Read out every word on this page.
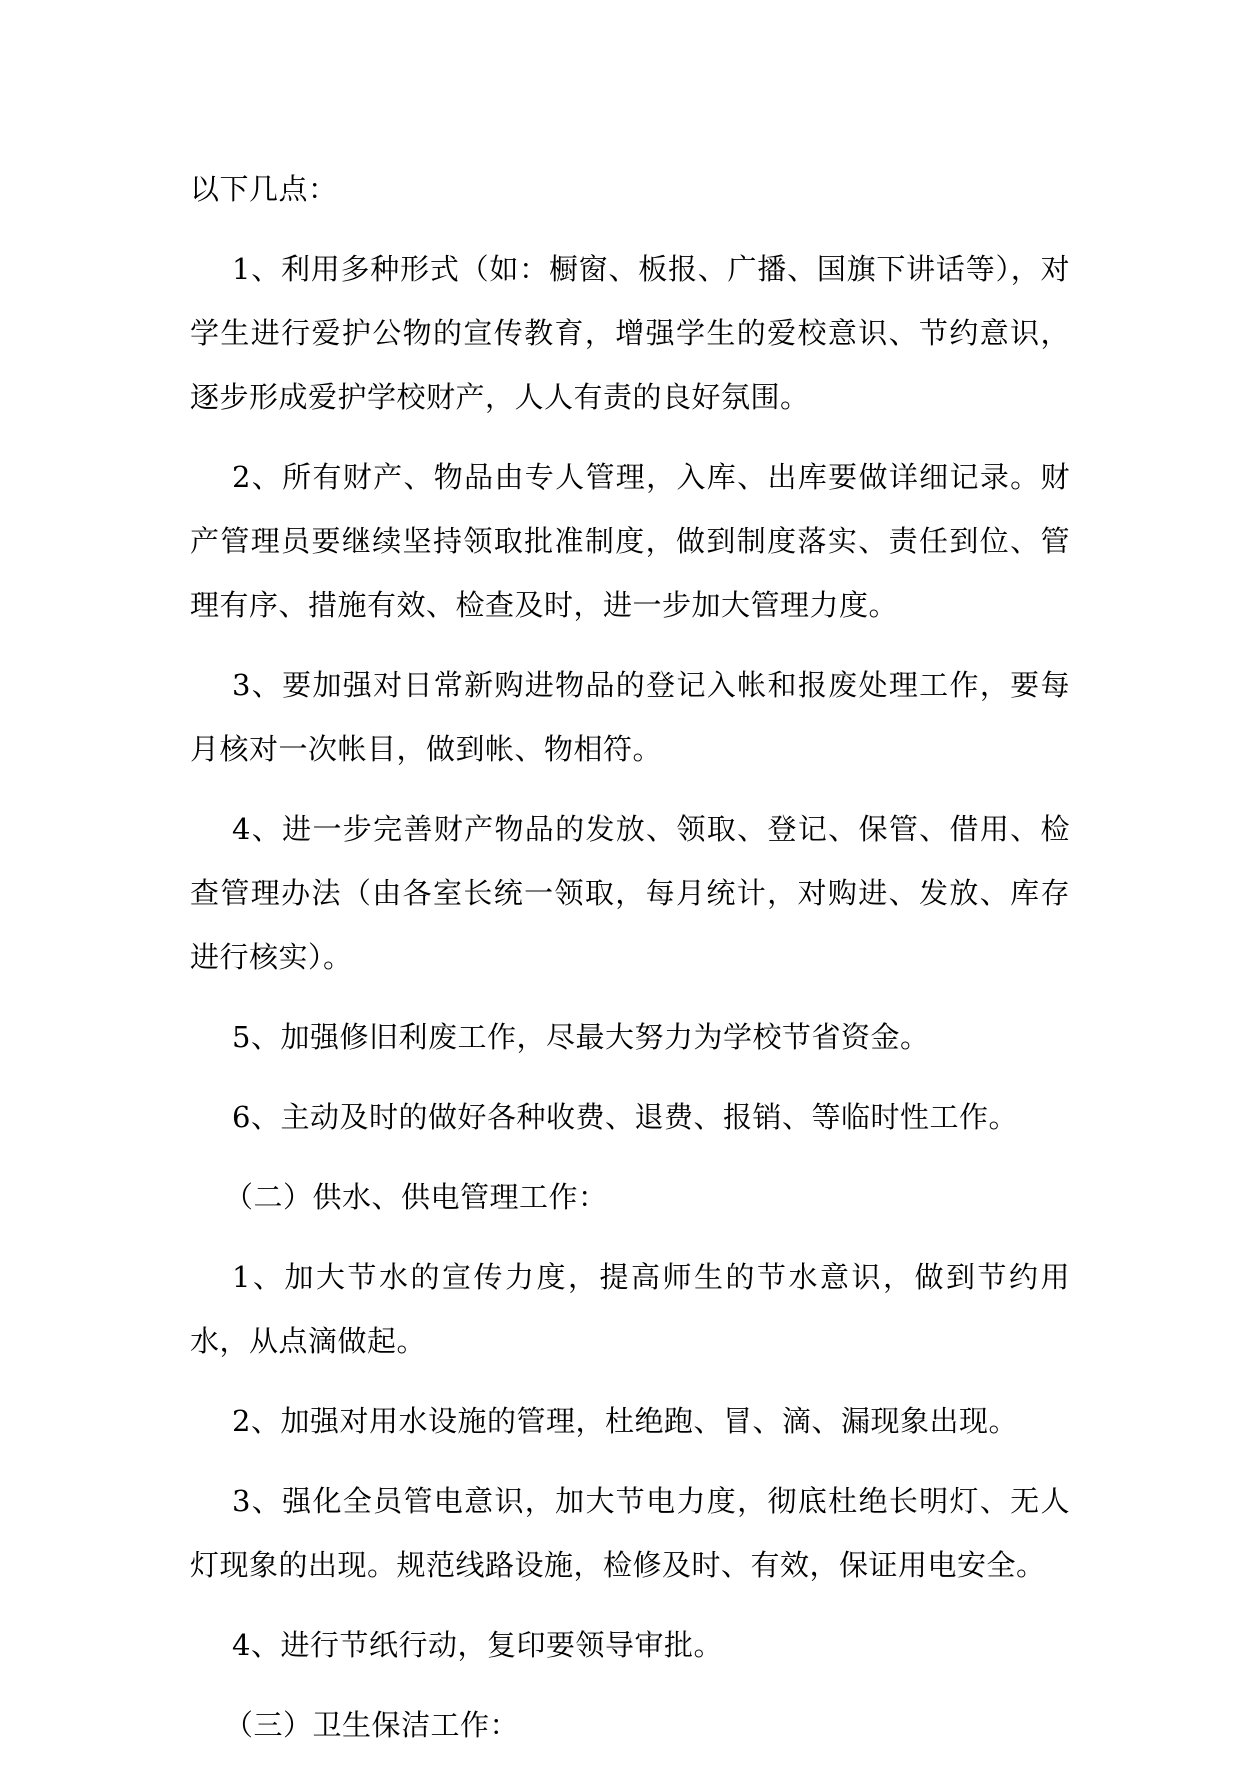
以下几点：

1、利用多种形式（如：橱窗、板报、广播、国旗下讲话等），对学生进行爱护公物的宣传教育，增强学生的爱校意识、节约意识，逐步形成爱护学校财产，人人有责的良好氛围。

2、所有财产、物品由专人管理，入库、出库要做详细记录。财产管理员要继续坚持领取批准制度，做到制度落实、责任到位、管理有序、措施有效、检查及时，进一步加大管理力度。

3、要加强对日常新购进物品的登记入帐和报废处理工作，要每月核对一次帐目，做到帐、物相符。

4、进一步完善财产物品的发放、领取、登记、保管、借用、检查管理办法（由各室长统一领取，每月统计，对购进、发放、库存进行核实）。

5、加强修旧利废工作，尽最大努力为学校节省资金。

6、主动及时的做好各种收费、退费、报销、等临时性工作。

（二）供水、供电管理工作：

1、加大节水的宣传力度，提高师生的节水意识，做到节约用水，从点滴做起。

2、加强对用水设施的管理，杜绝跑、冒、滴、漏现象出现。

3、强化全员管电意识，加大节电力度，彻底杜绝长明灯、无人灯现象的出现。规范线路设施，检修及时、有效，保证用电安全。

4、进行节纸行动，复印要领导审批。

（三）卫生保洁工作：
